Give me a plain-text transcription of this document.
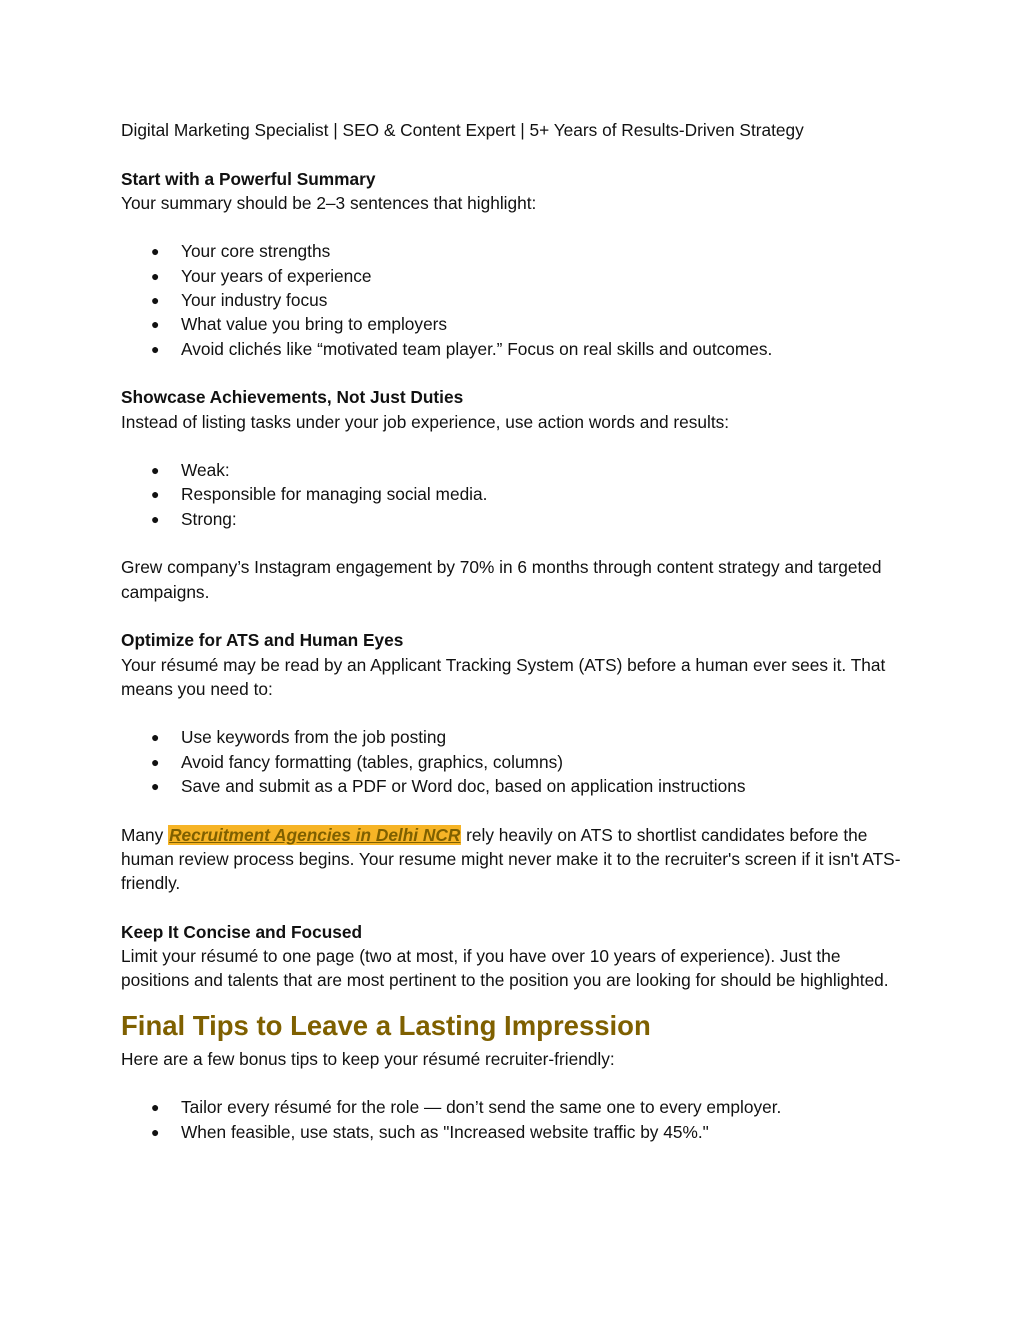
Digital Marketing Specialist | SEO & Content Expert | 5+ Years of Results-Driven Strategy

Start with a Powerful Summary

Your summary should be 2–3 sentences that highlight:

● Your core strengths
● Your years of experience
● Your industry focus
● What value you bring to employers
● Avoid clichés like “motivated team player.” Focus on real skills and outcomes.

Showcase Achievements, Not Just Duties

Instead of listing tasks under your job experience, use action words and results:

● Weak:
● Responsible for managing social media.
● Strong:

Grew company’s Instagram engagement by 70% in 6 months through content strategy and targeted campaigns.

Optimize for ATS and Human Eyes

Your résumé may be read by an Applicant Tracking System (ATS) before a human ever sees it. That means you need to:

● Use keywords from the job posting
● Avoid fancy formatting (tables, graphics, columns)
● Save and submit as a PDF or Word doc, based on application instructions

Many Recruitment Agencies in Delhi NCR rely heavily on ATS to shortlist candidates before the human review process begins. Your resume might never make it to the recruiter's screen if it isn't ATS-friendly.

Keep It Concise and Focused

Limit your résumé to one page (two at most, if you have over 10 years of experience). Just the positions and talents that are most pertinent to the position you are looking for should be highlighted.

Final Tips to Leave a Lasting Impression

Here are a few bonus tips to keep your résumé recruiter-friendly:

● Tailor every résumé for the role — don’t send the same one to every employer.
● When feasible, use stats, such as "Increased website traffic by 45%."
